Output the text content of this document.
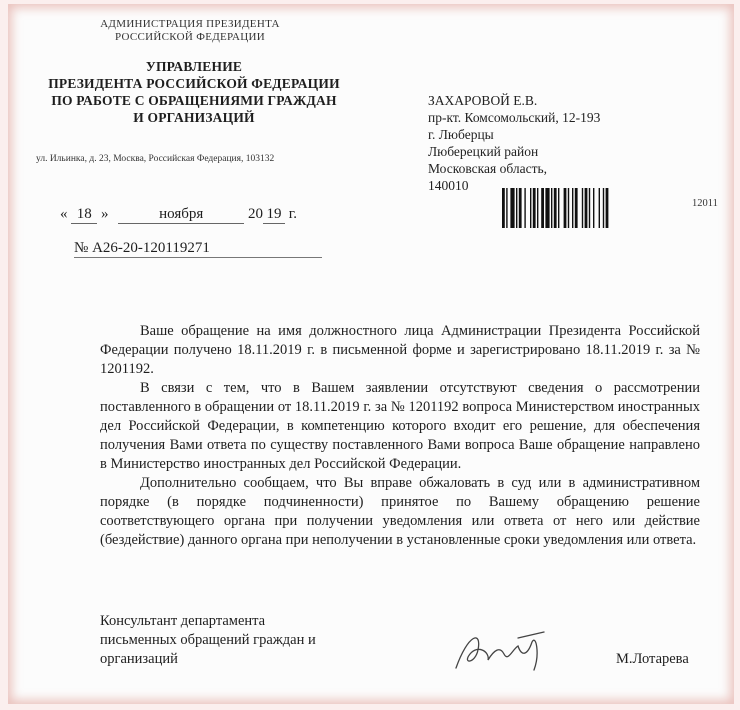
АДМИНИСТРАЦИЯ ПРЕЗИДЕНТА
РОССИЙСКОЙ ФЕДЕРАЦИИ
УПРАВЛЕНИЕ
ПРЕЗИДЕНТА РОССИЙСКОЙ ФЕДЕРАЦИИ
ПО РАБОТЕ С ОБРАЩЕНИЯМИ ГРАЖДАН
И ОРГАНИЗАЦИЙ
ул. Ильинка, д. 23, Москва, Российская Федерация, 103132
« 18 »	ноября	20 19 г.
№ А26-20-120119271
ЗАХАРОВОЙ Е.В.
пр-кт. Комсомольский, 12-193
г. Люберцы
Люберецкий район
Московская область,
140010
12011

Ваше обращение на имя должностного лица Администрации Президента Российской Федерации получено 18.11.2019 г. в письменной форме и зарегистрировано 18.11.2019 г. за № 1201192.

В связи с тем, что в Вашем заявлении отсутствуют сведения о рассмотрении поставленного в обращении от 18.11.2019 г. за № 1201192 вопроса Министерством иностранных дел Российской Федерации, в компетенцию которого входит его решение, для обеспечения получения Вами ответа по существу поставленного Вами вопроса Ваше обращение направлено в Министерство иностранных дел Российской Федерации.

Дополнительно сообщаем, что Вы вправе обжаловать в суд или в административном порядке (в порядке подчиненности) принятое по Вашему обращению решение соответствующего органа при получении уведомления или ответа от него или действие (бездействие) данного органа при неполучении в установленные сроки уведомления или ответа.

Консультант департамента
письменных обращений граждан и
организаций	М.Лотарева
